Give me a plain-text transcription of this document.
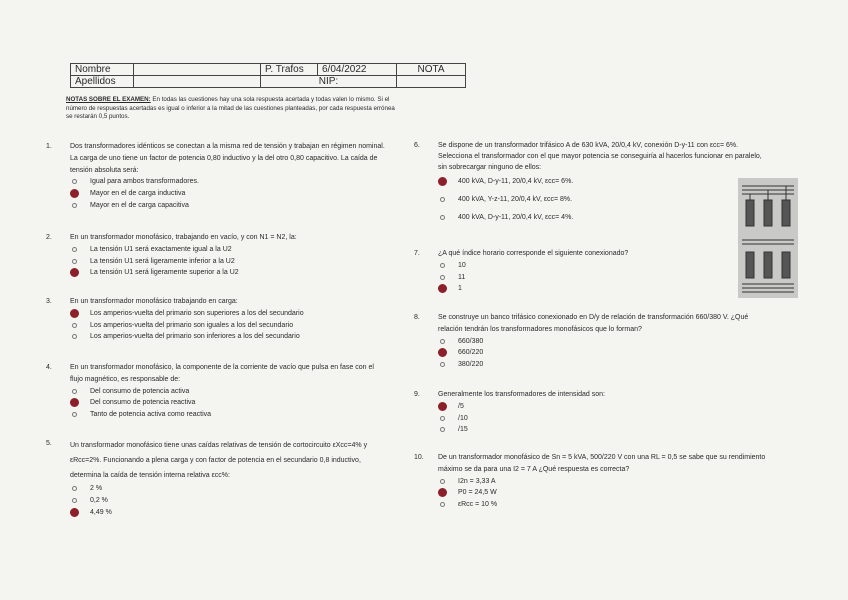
Nombre		P. Trafos	6/04/2022	NOTA
Apellidos		NIP:		
NOTAS SOBRE EL EXAMEN: En todas las cuestiones hay una sola respuesta acertada y todas valen lo mismo. Si el número de respuestas acertadas es igual o inferior a la mitad de las cuestiones planteadas, por cada respuesta errónea se restarán 0,5 puntos.
1.	Dos transformadores idénticos se conectan a la misma red de tensión y trabajan en régimen nominal. La carga de uno tiene un factor de potencia 0,80 inductivo y la del otro 0,80 capacitivo. La caída de tensión absoluta será:

Igual para ambos transformadores.

Mayor en el de carga inductiva

Mayor en el de carga capacitiva

2.	En un transformador monofásico, trabajando en vacío, y con N1 = N2, la:

La tensión U1 será exactamente igual a la U2

La tensión U1 será ligeramente inferior a la U2

La tensión U1 será ligeramente superior a la U2

3.	En un transformador monofásico trabajando en carga:

Los amperios-vuelta del primario son superiores a los del secundario

Los amperios-vuelta del primario son iguales a los del secundario

Los amperios-vuelta del primario son inferiores a los del secundario

4.	En un transformador monofásico, la componente de la corriente de vacío que pulsa en fase con el flujo magnético, es responsable de:

Del consumo de potencia activa

Del consumo de potencia reactiva

Tanto de potencia activa como reactiva

5.	Un transformador monofásico tiene unas caídas relativas de tensión de cortocircuito εXcc=4% y εRcc=2%. Funcionando a plena carga y con factor de potencia en el secundario 0,8 inductivo, determina la caída de tensión interna relativa εcc%:

2 %

0,2 %

4,49 %

6.	Se dispone de un transformador trifásico A de 630 kVA, 20/0,4 kV, conexión D-y-11 con εcc= 6%. Selecciona el transformador con el que mayor potencia se conseguiría al hacerlos funcionar en paralelo, sin sobrecargar ninguno de ellos:

400 kVA, D-y-11, 20/0,4 kV, εcc= 6%.

400 kVA, Y-z-11, 20/0,4 kV, εcc= 8%.

400 kVA, D-y-11, 20/0,4 kV, εcc= 4%.

7.	¿A qué índice horario corresponde el siguiente conexionado?

10

11

1

8.	Se construye un banco trifásico conexionado en D/y de relación de transformación 660/380 V. ¿Qué relación tendrán los transformadores monofásicos que lo forman?

660/380

660/220

380/220

9.	Generalmente los transformadores de intensidad son:

/5

/10

/15

10. De un transformador monofásico de Sn = 5 kVA, 500/220 V con una RL = 0,5 se sabe que su rendimiento máximo se da para una I2 = 7 A ¿Qué respuesta es correcta?

I2n = 3,33 A

P0 = 24,5 W

εRcc = 10 %
